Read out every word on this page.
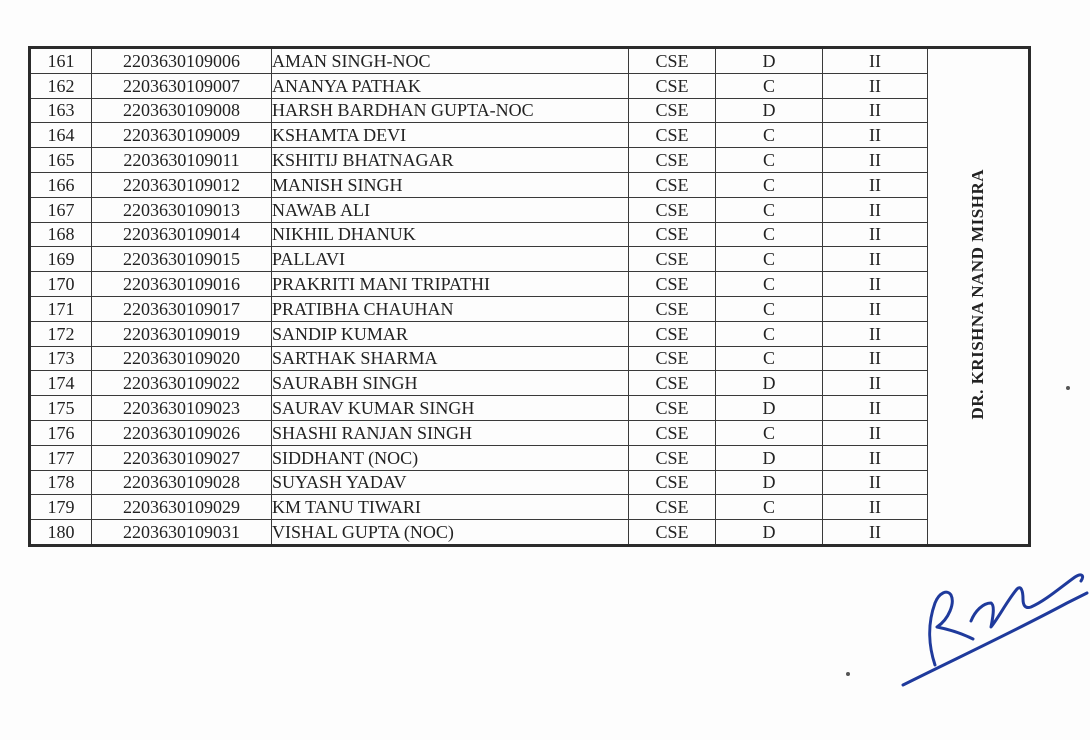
161	2203630109006	AMAN SINGH-NOC	CSE	D	II	DR. KRISHNA NAND MISHRA
162	2203630109007	ANANYA PATHAK	CSE	C	II	
163	2203630109008	HARSH BARDHAN GUPTA-NOC	CSE	D	II	
164	2203630109009	KSHAMTA DEVI	CSE	C	II	
165	2203630109011	KSHITIJ BHATNAGAR	CSE	C	II	
166	2203630109012	MANISH SINGH	CSE	C	II	
167	2203630109013	NAWAB ALI	CSE	C	II	
168	2203630109014	NIKHIL DHANUK	CSE	C	II	
169	2203630109015	PALLAVI	CSE	C	II	
170	2203630109016	PRAKRITI MANI TRIPATHI	CSE	C	II	
171	2203630109017	PRATIBHA CHAUHAN	CSE	C	II	
172	2203630109019	SANDIP KUMAR	CSE	C	II	
173	2203630109020	SARTHAK SHARMA	CSE	C	II	
174	2203630109022	SAURABH SINGH	CSE	D	II	
175	2203630109023	SAURAV KUMAR SINGH	CSE	D	II	
176	2203630109026	SHASHI RANJAN SINGH	CSE	C	II	
177	2203630109027	SIDDHANT (NOC)	CSE	D	II	
178	2203630109028	SUYASH YADAV	CSE	D	II	
179	2203630109029	KM TANU TIWARI	CSE	C	II	
180	2203630109031	VISHAL GUPTA (NOC)	CSE	D	II	
